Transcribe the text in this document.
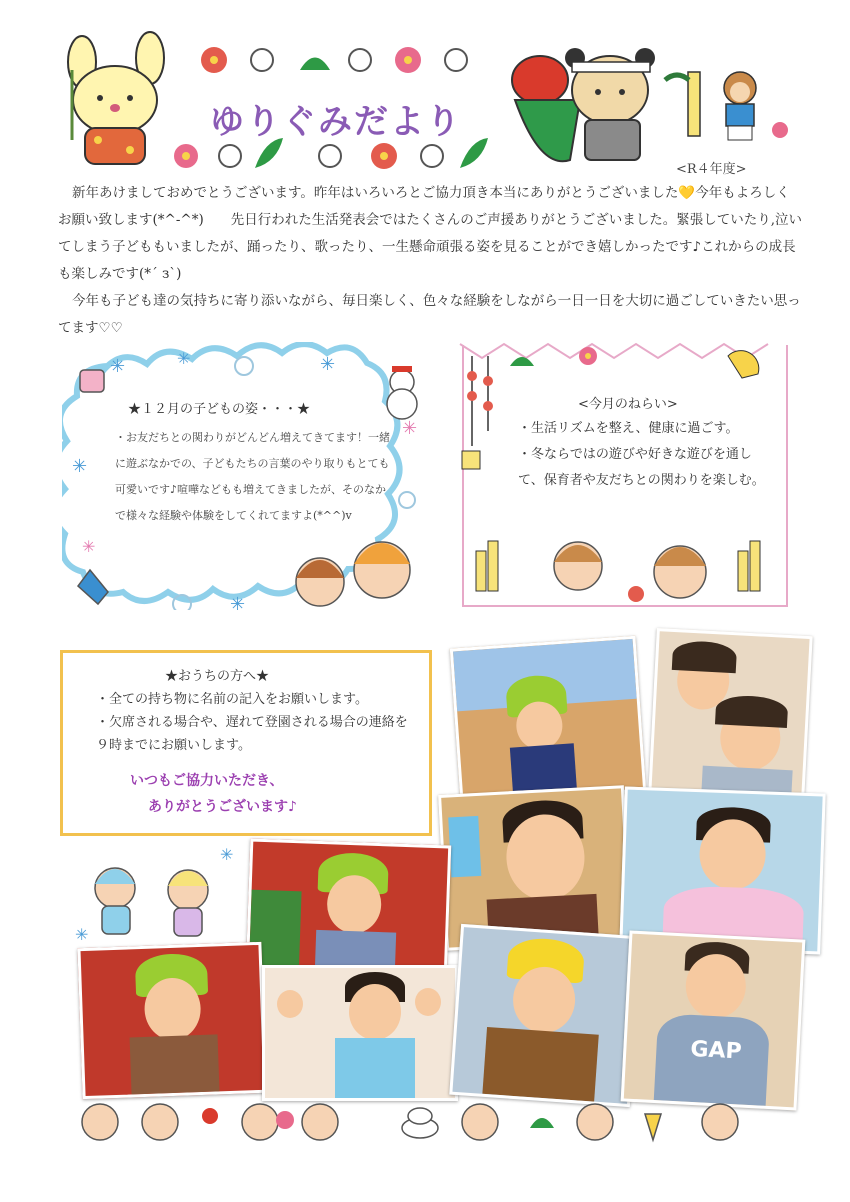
ゆりぐみだより
<R４年度>

新年あけましておめでとうございます。昨年はいろいろとご協力頂き本当にありがとうございました💛今年もよろしくお願い致します(*^-^*)　　先日行われた生活発表会ではたくさんのご声援ありがとうございました。緊張していたり,泣いてしまう子どももいましたが、踊ったり、歌ったり、一生懸命頑張る姿を見ることができ嬉しかったです♪これからの成長も楽しみです(*´ з`)

今年も子ども達の気持ちに寄り添いながら、毎日楽しく、色々な経験をしながら一日一日を大切に過ごしていきたい思ってます♡♡

✳	✳	✳
✳
✳
✳
✳
★１２月の子どもの姿・・・★
・お友だちとの関わりがどんどん増えてきてます！一緒に遊ぶなかでの、子どもたちの言葉のやり取りもとても可愛いです♪喧嘩などもも増えてきましたが、そのなかで様々な経験や体験をしてくれてますよ(*^^)v
<今月のねらい>
・生活リズムを整え、健康に過ごす。
・冬ならではの遊びや好きな遊びを通して、保育者や友だちとの関わりを楽しむ。
★おうちの方へ★
・全ての持ち物に名前の記入をお願いします。
・欠席される場合や、遅れて登園される場合の連絡を９時までにお願いします。
いつもご協力いただき、
ありがとうございます♪
GAP
✳
✳
